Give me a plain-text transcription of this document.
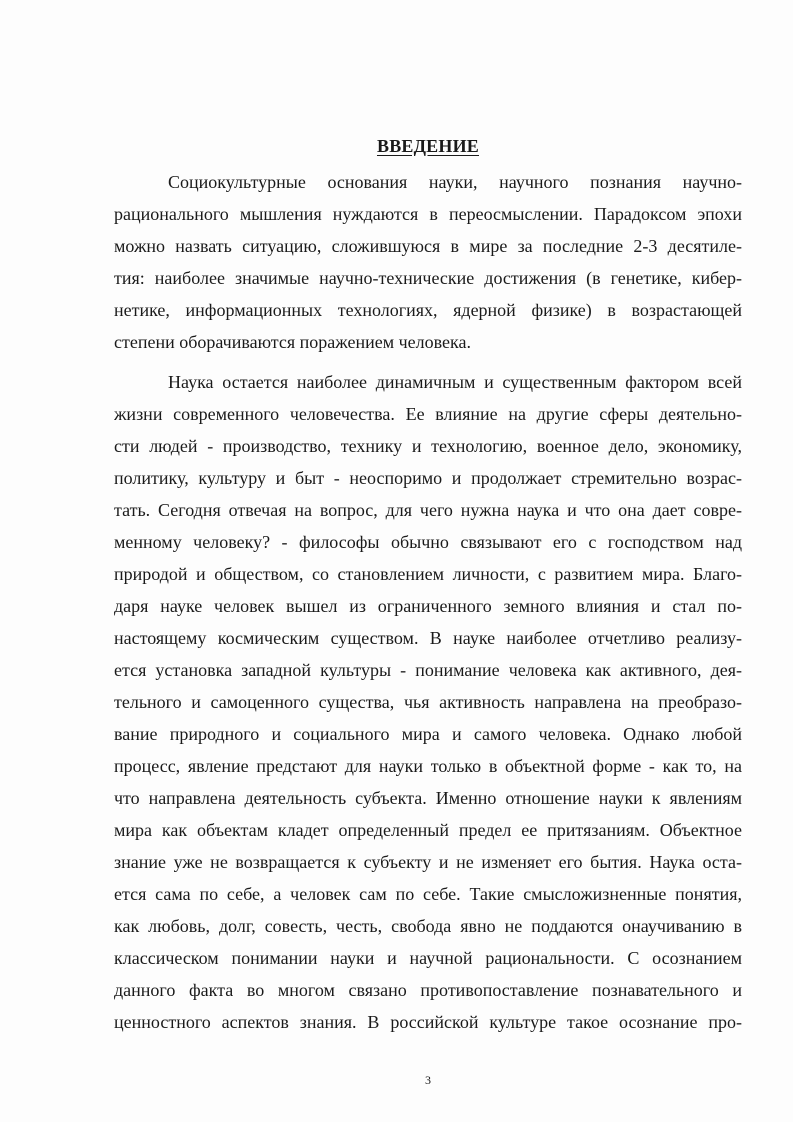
ВВЕДЕНИЕ
Социокультурные основания науки, научного познания научно-
рационального мышления нуждаются в переосмыслении. Парадоксом эпохи
можно назвать ситуацию, сложившуюся в мире за последние 2-3 десятиле-
тия: наиболее значимые научно-технические достижения (в генетике, кибер-
нетике, информационных технологиях, ядерной физике) в возрастающей
степени оборачиваются поражением человека.
Наука остается наиболее динамичным и существенным фактором всей
жизни современного человечества. Ее влияние на другие сферы деятельно-
сти людей - производство, технику и технологию, военное дело, экономику,
политику, культуру и быт - неоспоримо и продолжает стремительно возрас-
тать. Сегодня отвечая на вопрос, для чего нужна наука и что она дает совре-
менному человеку? - философы обычно связывают его с господством над
природой и обществом, со становлением личности, с развитием мира. Благо-
даря науке человек вышел из ограниченного земного влияния и стал по-
настоящему космическим существом. В науке наиболее отчетливо реализу-
ется установка западной культуры - понимание человека как активного, дея-
тельного и самоценного существа, чья активность направлена на преобразо-
вание природного и социального мира и самого человека. Однако любой
процесс, явление предстают для науки только в объектной форме - как то, на
что направлена деятельность субъекта. Именно отношение науки к явлениям
мира как объектам кладет определенный предел ее притязаниям. Объектное
знание уже не возвращается к субъекту и не изменяет его бытия. Наука оста-
ется сама по себе, а человек сам по себе. Такие смысложизненные понятия,
как любовь, долг, совесть, честь, свобода явно не поддаются онаучиванию в
классическом понимании науки и научной рациональности. С осознанием
данного факта во многом связано противопоставление познавательного и
ценностного аспектов знания. В российской культуре такое осознание про-
3
